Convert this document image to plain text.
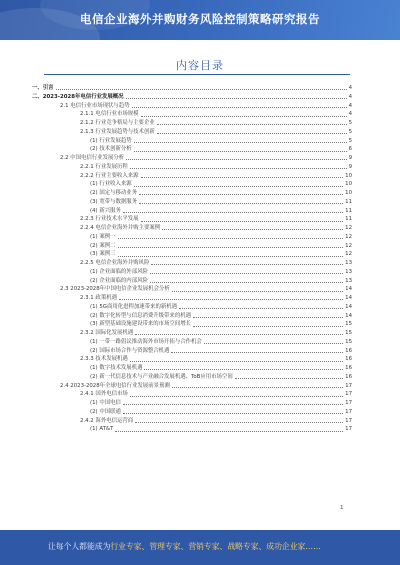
电信企业海外并购财务风险控制策略研究报告
内容目录
一、引言	4
二、2023-2028年电信行业发展概况	4
2.1 电信行业市场现状与趋势	4
2.1.1 电信行业市场规模	4
2.1.2 行业竞争格局与主要企业	5
2.1.3 行业发展趋势与技术创新	5
(1) 行业发展趋势	5
(2) 技术创新分析	6
2.2 中国电信行业发展分析	9
2.2.1 行业发展历程	9
2.2.2 行业主要收入来源	10
(1) 行业收入来源	10
(2) 固定与移动业务	10
(3) 宽带与数据服务	11
(4) 新兴服务	11
2.2.3 行业技术水平发展	11
2.2.4 电信企业海外并购主要案例	12
(1) 案例一	12
(2) 案例二	12
(3) 案例三	12
2.2.5 电信企业海外并购风险	13
(1) 企业面临的外部风险	13
(2) 企业面临的内部风险	13
2.3 2023-2028年中国电信企业发展机会分析	14
2.3.1 政策机遇	14
(1) 5G商用化进程加速带来的新机遇	14
(2) 数字化转型与信息消费升级带来的机遇	14
(3) 新型基础设施建设带来的市场空间增长	15
2.3.2 国际化发展机遇	15
(1) 一带一路倡议推动海外市场开拓与合作机会	15
(2) 国际市场合作与资源整合机遇	16
2.3.3 技术发展机遇	16
(1) 数字技术发展机遇	16
(2) 新一代信息技术与产业融合发展机遇、ToB应用市场空间	16
2.4 2023-2028年全球电信行业发展前景预测	17
2.4.1 国外电信市场	17
(1) 中国电信	17
(2) 中国联通	17
2.4.2 海外电信运营商	17
(1) AT&T	17
1
让每个人都能成为行业专家、管理专家、营销专家、战略专家、成功企业家……
